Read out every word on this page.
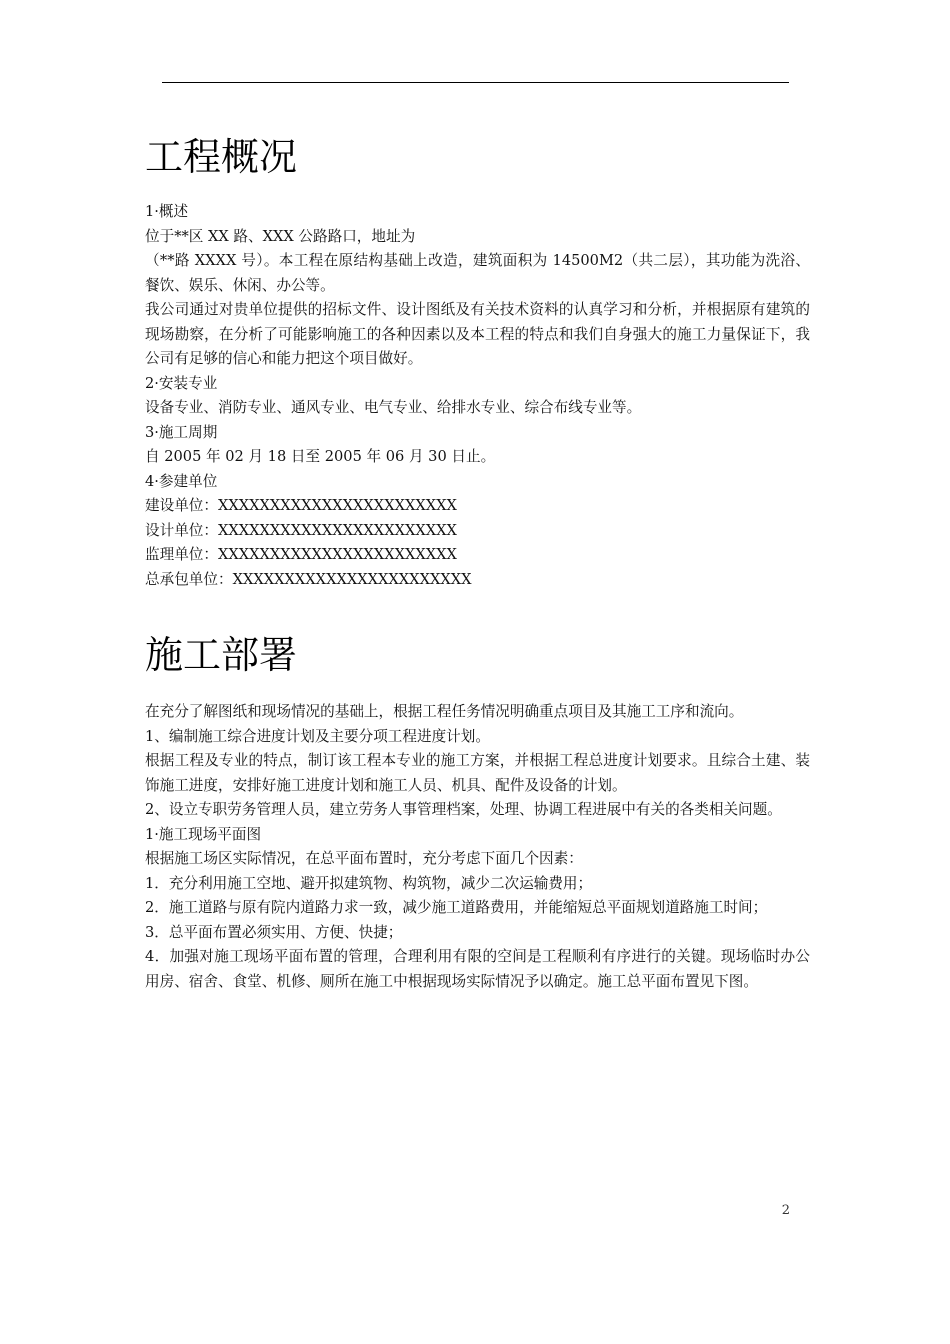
工程概况

1·概述

位于**区 XX 路、XXX 公路路口，地址为

（**路 XXXX 号）。本工程在原结构基础上改造，建筑面积为 14500M2（共二层），其功能为洗浴、餐饮、娱乐、休闲、办公等。

我公司通过对贵单位提供的招标文件、设计图纸及有关技术资料的认真学习和分析，并根据原有建筑的现场勘察，在分析了可能影响施工的各种因素以及本工程的特点和我们自身强大的施工力量保证下，我公司有足够的信心和能力把这个项目做好。

2·安装专业

设备专业、消防专业、通风专业、电气专业、给排水专业、综合布线专业等。

3·施工周期

自 2005 年 02 月 18 日至 2005 年 06 月 30 日止。

4·参建单位

建设单位：XXXXXXXXXXXXXXXXXXXXXXX

设计单位：XXXXXXXXXXXXXXXXXXXXXXX

监理单位：XXXXXXXXXXXXXXXXXXXXXXX

总承包单位：XXXXXXXXXXXXXXXXXXXXXXX

施工部署

在充分了解图纸和现场情况的基础上，根据工程任务情况明确重点项目及其施工工序和流向。

1、编制施工综合进度计划及主要分项工程进度计划。

根据工程及专业的特点，制订该工程本专业的施工方案，并根据工程总进度计划要求。且综合土建、装饰施工进度，安排好施工进度计划和施工人员、机具、配件及设备的计划。

2、设立专职劳务管理人员，建立劳务人事管理档案，处理、协调工程进展中有关的各类相关问题。

1·施工现场平面图

根据施工场区实际情况，在总平面布置时，充分考虑下面几个因素：

1．充分利用施工空地、避开拟建筑物、构筑物，减少二次运输费用；

2．施工道路与原有院内道路力求一致，减少施工道路费用，并能缩短总平面规划道路施工时间；

3．总平面布置必须实用、方便、快捷；

4．加强对施工现场平面布置的管理，合理利用有限的空间是工程顺利有序进行的关键。现场临时办公用房、宿舍、食堂、机修、厕所在施工中根据现场实际情况予以确定。施工总平面布置见下图。

2
